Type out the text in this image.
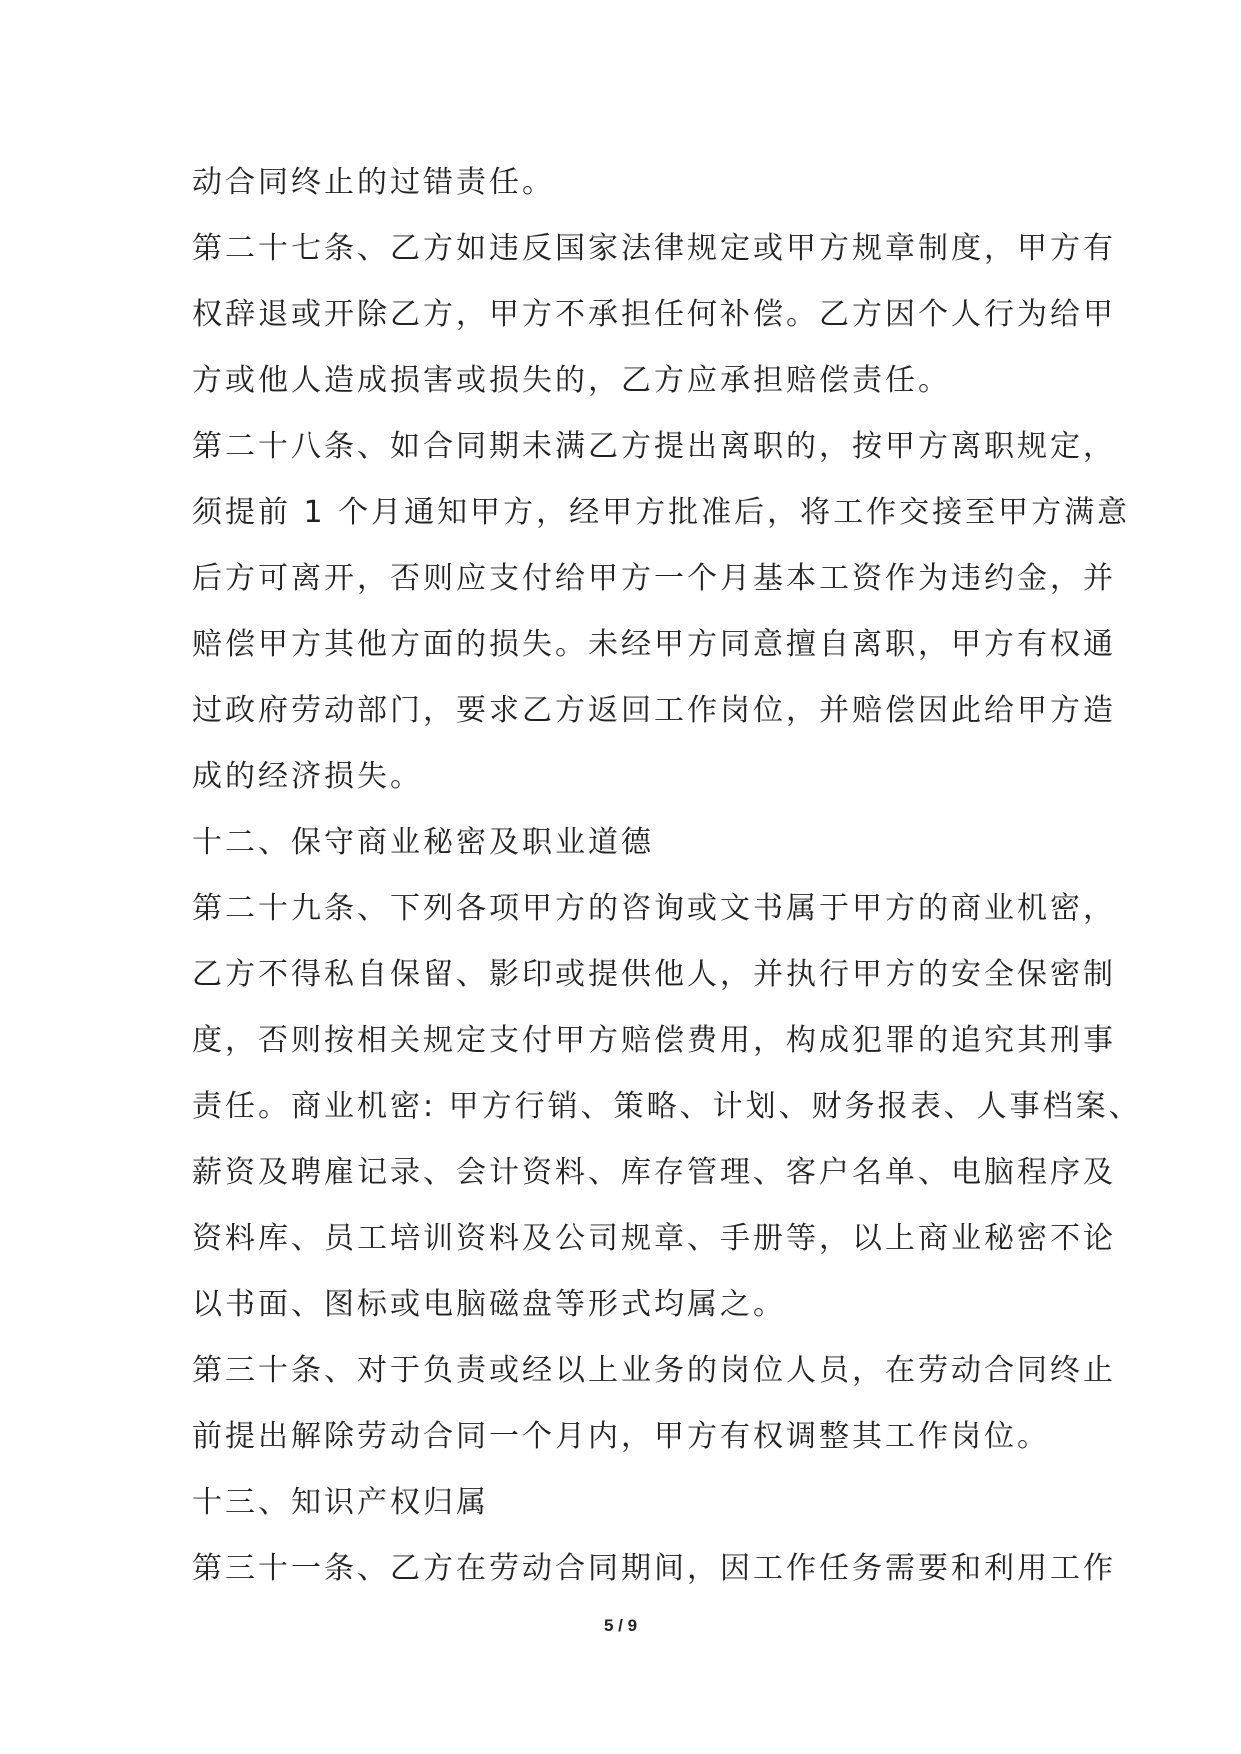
动合同终止的过错责任。
第二十七条、乙方如违反国家法律规定或甲方规章制度，甲方有
权辞退或开除乙方，甲方不承担任何补偿。乙方因个人行为给甲
方或他人造成损害或损失的，乙方应承担赔偿责任。
第二十八条、如合同期未满乙方提出离职的，按甲方离职规定，
须提前 1 个月通知甲方，经甲方批准后，将工作交接至甲方满意
后方可离开，否则应支付给甲方一个月基本工资作为违约金，并
赔偿甲方其他方面的损失。未经甲方同意擅自离职，甲方有权通
过政府劳动部门，要求乙方返回工作岗位，并赔偿因此给甲方造
成的经济损失。
十二、保守商业秘密及职业道德
第二十九条、下列各项甲方的咨询或文书属于甲方的商业机密，
乙方不得私自保留、影印或提供他人，并执行甲方的安全保密制
度，否则按相关规定支付甲方赔偿费用，构成犯罪的追究其刑事
责任。商业机密: 甲方行销、策略、计划、财务报表、人事档案、
薪资及聘雇记录、会计资料、库存管理、客户名单、电脑程序及
资料库、员工培训资料及公司规章、手册等，以上商业秘密不论
以书面、图标或电脑磁盘等形式均属之。
第三十条、对于负责或经以上业务的岗位人员，在劳动合同终止
前提出解除劳动合同一个月内，甲方有权调整其工作岗位。
十三、知识产权归属
第三十一条、乙方在劳动合同期间，因工作任务需要和利用工作
5 / 9
